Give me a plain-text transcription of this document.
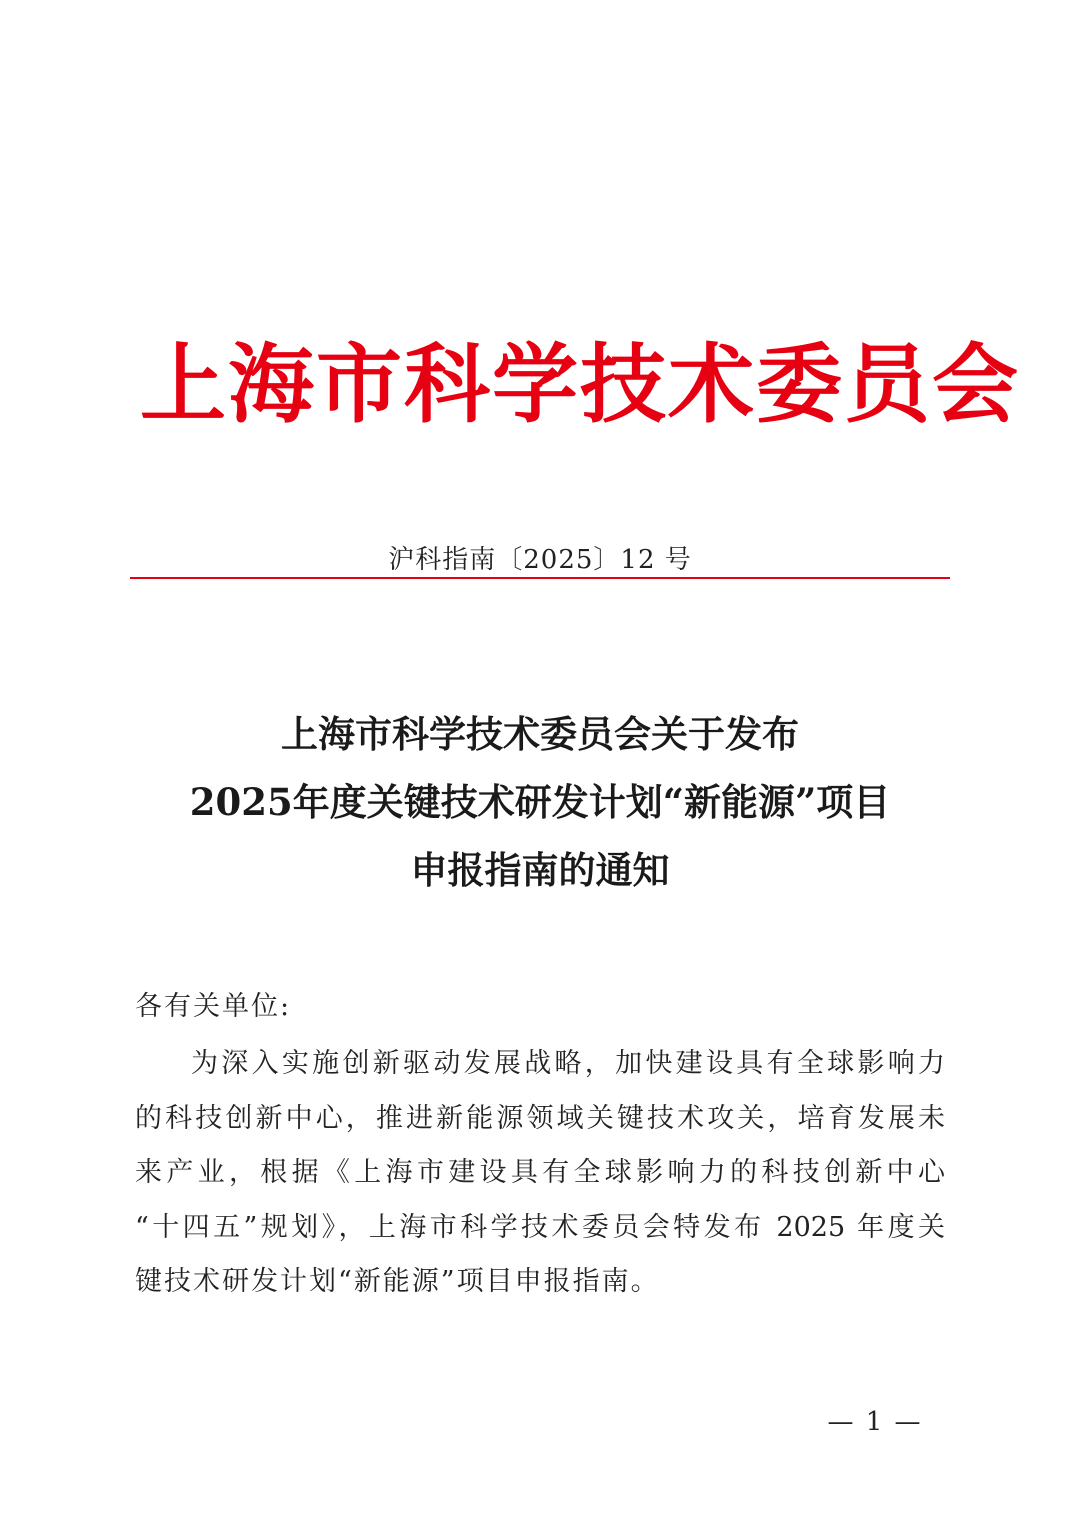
上海市科学技术委员会
沪科指南〔2025〕12 号
上海市科学技术委员会关于发布
2025年度关键技术研发计划“新能源”项目
申报指南的通知
各有关单位:
为深入实施创新驱动发展战略，加快建设具有全球影响力
的科技创新中心，推进新能源领域关键技术攻关，培育发展未
来产业，根据《上海市建设具有全球影响力的科技创新中心
“十四五”规划》，上海市科学技术委员会特发布 2025 年度关
键技术研发计划“新能源”项目申报指南。
— 1 —
